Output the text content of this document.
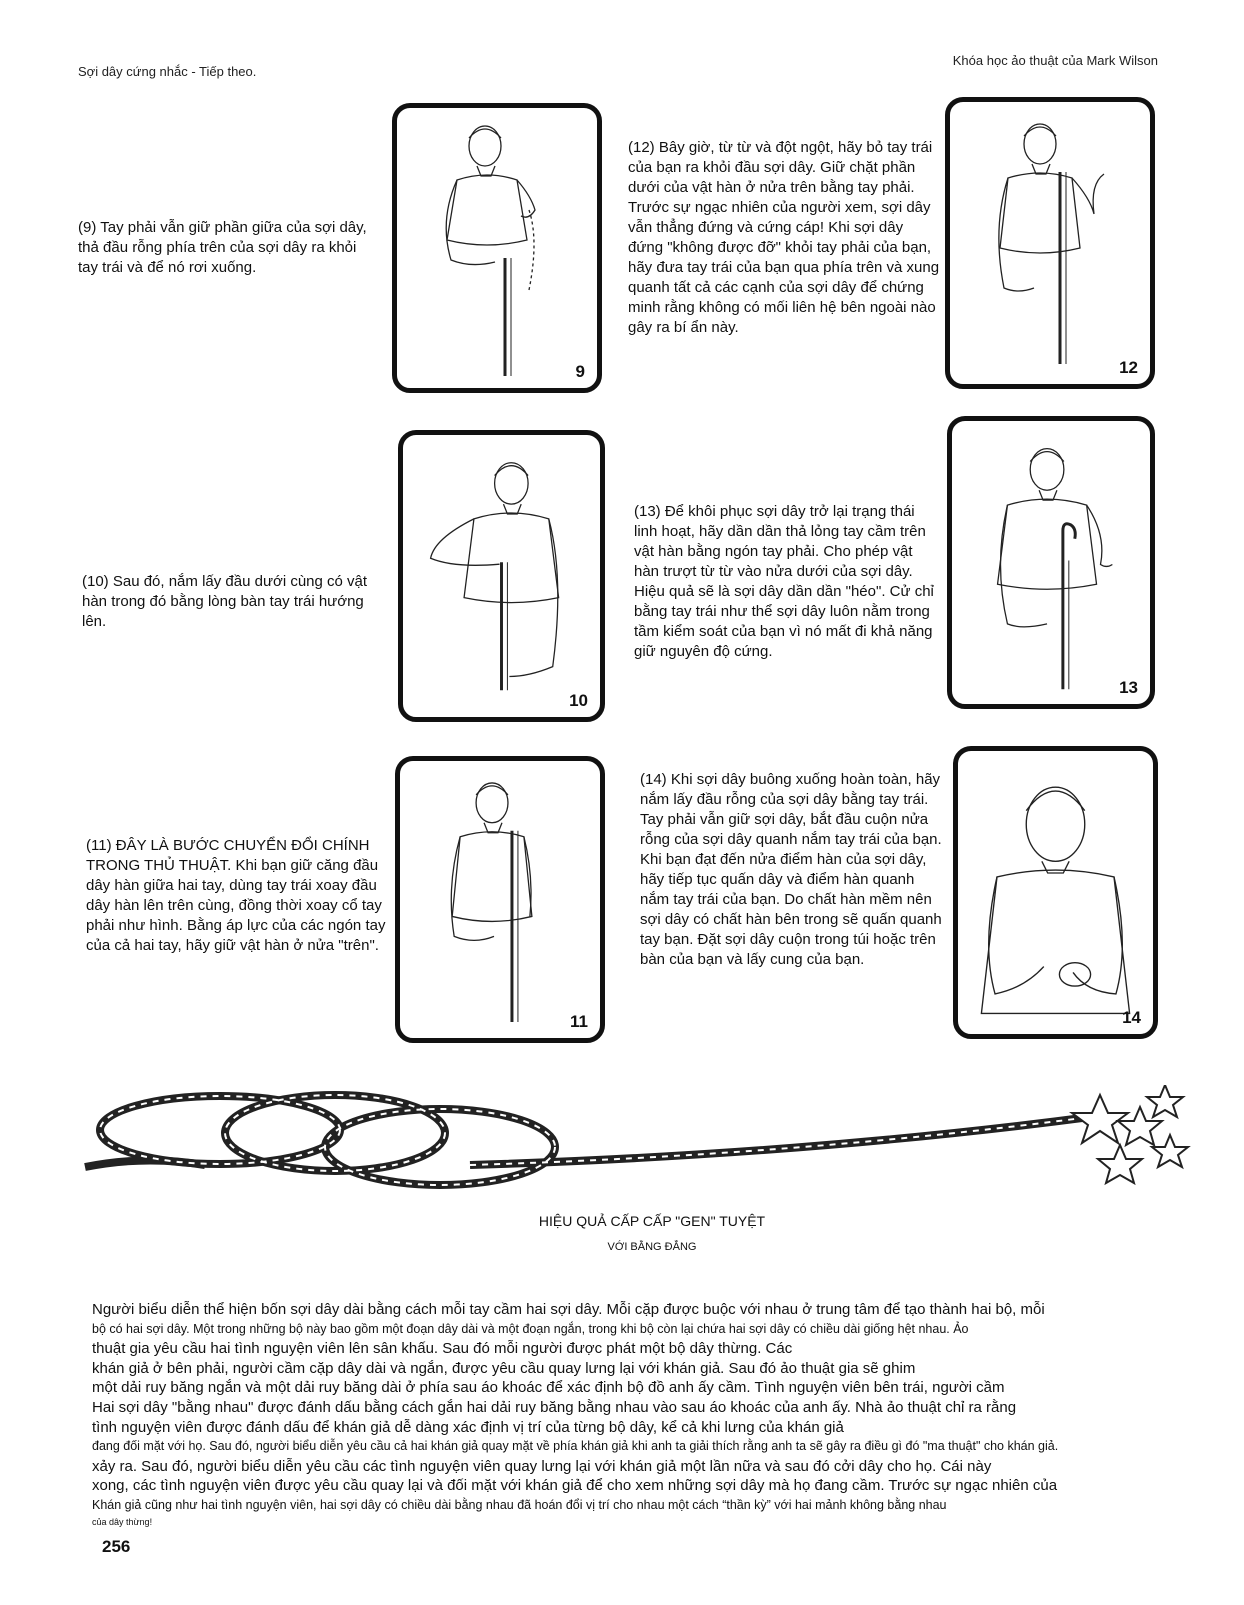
Sợi dây cứng nhắc - Tiếp theo.
Khóa học ảo thuật của Mark Wilson
9
(9) Tay phải vẫn giữ phần giữa của sợi dây, thả đầu rỗng phía trên của sợi dây ra khỏi tay trái và để nó rơi xuống.
12
(12) Bây giờ, từ từ và đột ngột, hãy bỏ tay trái của bạn ra khỏi đầu sợi dây. Giữ chặt phần dưới của vật hàn ở nửa trên bằng tay phải. Trước sự ngạc nhiên của người xem, sợi dây vẫn thẳng đứng và cứng cáp! Khi sợi dây đứng "không được đỡ" khỏi tay phải của bạn, hãy đưa tay trái của bạn qua phía trên và xung quanh tất cả các cạnh của sợi dây để chứng minh rằng không có mối liên hệ bên ngoài nào gây ra bí ẩn này.
10
(10) Sau đó, nắm lấy đầu dưới cùng có vật hàn trong đó bằng lòng bàn tay trái hướng lên.
13
(13) Để khôi phục sợi dây trở lại trạng thái linh hoạt, hãy dần dần thả lỏng tay cầm trên vật hàn bằng ngón tay phải. Cho phép vật hàn trượt từ từ vào nửa dưới của sợi dây. Hiệu quả sẽ là sợi dây dần dần "héo". Cử chỉ bằng tay trái như thể sợi dây luôn nằm trong tầm kiểm soát của bạn vì nó mất đi khả năng giữ nguyên độ cứng.
11
(11) ĐÂY LÀ BƯỚC CHUYỂN ĐỔI CHÍNH TRONG THỦ THUẬT. Khi bạn giữ căng đầu dây hàn giữa hai tay, dùng tay trái xoay đầu dây hàn lên trên cùng, đồng thời xoay cổ tay phải như hình. Bằng áp lực của các ngón tay của cả hai tay, hãy giữ vật hàn ở nửa "trên".
14
(14) Khi sợi dây buông xuống hoàn toàn, hãy nắm lấy đầu rỗng của sợi dây bằng tay trái. Tay phải vẫn giữ sợi dây, bắt đầu cuộn nửa rỗng của sợi dây quanh nắm tay trái của bạn. Khi bạn đạt đến nửa điểm hàn của sợi dây, hãy tiếp tục quấn dây và điểm hàn quanh nắm tay trái của bạn. Do chất hàn mềm nên sợi dây có chất hàn bên trong sẽ quấn quanh tay bạn. Đặt sợi dây cuộn trong túi hoặc trên bàn của bạn và lấy cung của bạn.
HIỆU QUẢ CẤP CẤP "GEN" TUYỆT
VỚI BẰNG ĐẲNG

Người biểu diễn thể hiện bốn sợi dây dài bằng cách mỗi tay cầm hai sợi dây. Mỗi cặp được buộc với nhau ở trung tâm để tạo thành hai bộ, mỗi

bộ có hai sợi dây. Một trong những bộ này bao gồm một đoạn dây dài và một đoạn ngắn, trong khi bộ còn lại chứa hai sợi dây có chiều dài giống hệt nhau. Ảo

thuật gia yêu cầu hai tình nguyện viên lên sân khấu. Sau đó mỗi người được phát một bộ dây thừng. Các

khán giả ở bên phải, người cầm cặp dây dài và ngắn, được yêu cầu quay lưng lại với khán giả. Sau đó ảo thuật gia sẽ ghim

một dải ruy băng ngắn và một dải ruy băng dài ở phía sau áo khoác để xác định bộ đồ anh ấy cầm. Tình nguyện viên bên trái, người cầm

Hai sợi dây "bằng nhau" được đánh dấu bằng cách gắn hai dải ruy băng bằng nhau vào sau áo khoác của anh ấy. Nhà ảo thuật chỉ ra rằng

tình nguyện viên được đánh dấu để khán giả dễ dàng xác định vị trí của từng bộ dây, kể cả khi lưng của khán giả

đang đối mặt với họ. Sau đó, người biểu diễn yêu cầu cả hai khán giả quay mặt về phía khán giả khi anh ta giải thích rằng anh ta sẽ gây ra điều gì đó "ma thuật" cho khán giả.

xảy ra. Sau đó, người biểu diễn yêu cầu các tình nguyện viên quay lưng lại với khán giả một lần nữa và sau đó cởi dây cho họ. Cái này

xong, các tình nguyện viên được yêu cầu quay lại và đối mặt với khán giả để cho xem những sợi dây mà họ đang cầm. Trước sự ngạc nhiên của

Khán giả cũng như hai tình nguyện viên, hai sợi dây có chiều dài bằng nhau đã hoán đổi vị trí cho nhau một cách “thần kỳ” với hai mảnh không bằng nhau

của dây thừng!

256
